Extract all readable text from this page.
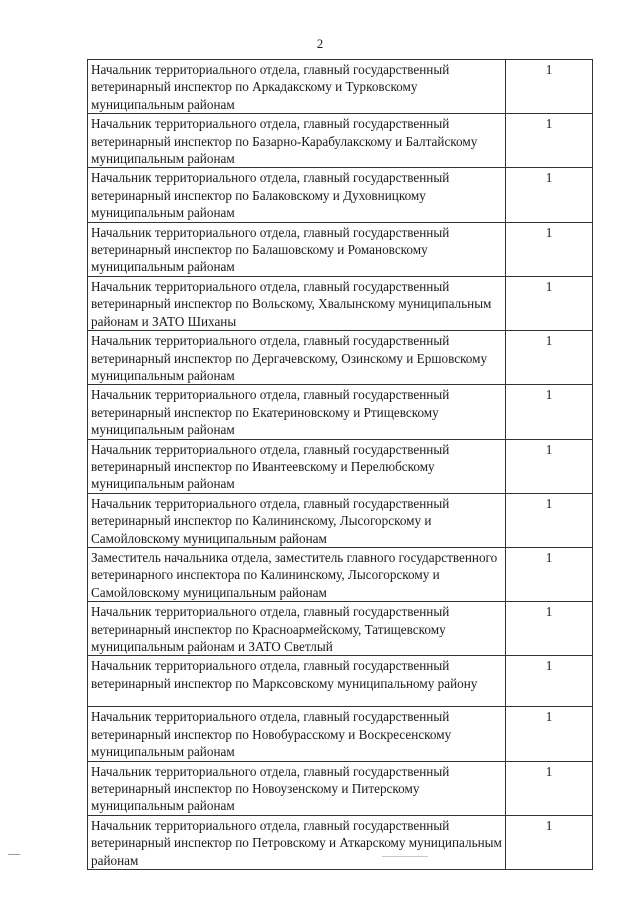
2
Начальник территориального отдела, главный государственный ветеринарный инспектор по Аркадакскому и Турковскому муниципальным районам	1
Начальник территориального отдела, главный государственный ветеринарный инспектор по Базарно-Карабулакскому и Балтайскому муниципальным районам	1
Начальник территориального отдела, главный государственный ветеринарный инспектор по Балаковскому и Духовницкому муниципальным районам	1
Начальник территориального отдела, главный государственный ветеринарный инспектор по Балашовскому и Романовскому муниципальным районам	1
Начальник территориального отдела, главный государственный ветеринарный инспектор по Вольскому, Хвалынскому муниципальным районам и ЗАТО Шиханы	1
Начальник территориального отдела, главный государственный ветеринарный инспектор по Дергачевскому, Озинскому и Ершовскому муниципальным районам	1
Начальник территориального отдела, главный государственный ветеринарный инспектор по Екатериновскому и Ртищевскому муниципальным районам	1
Начальник территориального отдела, главный государственный ветеринарный инспектор по Ивантеевскому и Перелюбскому муниципальным районам	1
Начальник территориального отдела, главный государственный ветеринарный инспектор по Калининскому, Лысогорскому и Самойловскому муниципальным районам	1
Заместитель начальника отдела, заместитель главного государственного ветеринарного инспектора по Калининскому, Лысогорскому и Самойловскому муниципальным районам	1
Начальник территориального отдела, главный государственный ветеринарный инспектор по Красноармейскому, Татищевскому муниципальным районам и ЗАТО Светлый	1
Начальник территориального отдела, главный государственный ветеринарный инспектор по Марксовскому муниципальному району	1
Начальник территориального отдела, главный государственный ветеринарный инспектор по Новобурасскому и Воскресенскому муниципальным районам	1
Начальник территориального отдела, главный государственный ветеринарный инспектор по Новоузенскому и Питерскому муниципальным районам	1
Начальник территориального отдела, главный государственный ветеринарный инспектор по Петровскому и Аткарскому муниципальным районам	1
